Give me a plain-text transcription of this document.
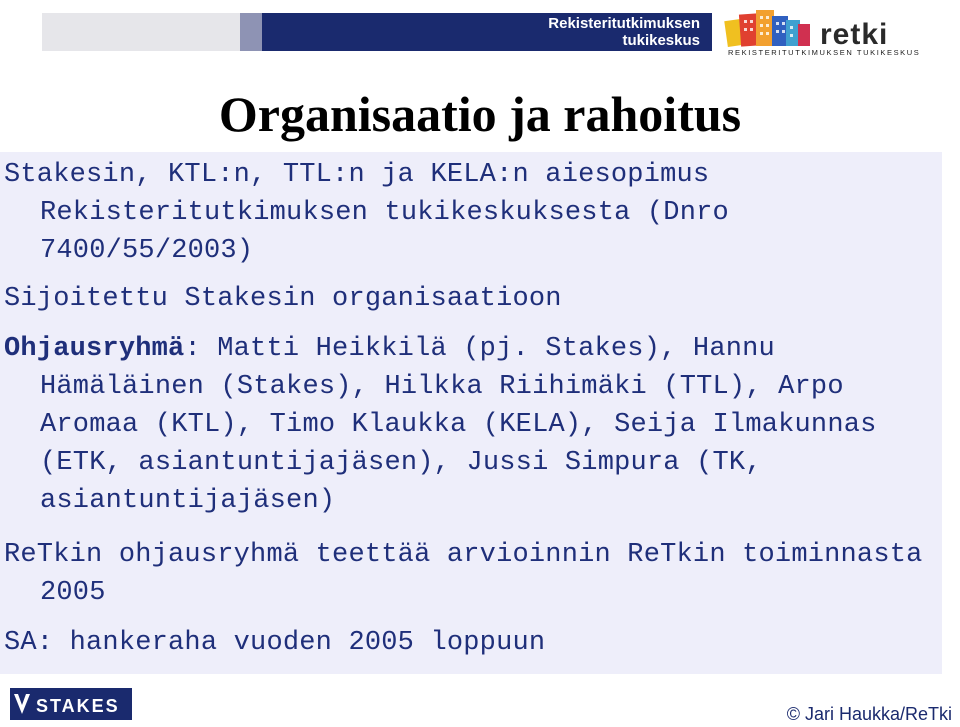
Rekisteritutkimuksen
tukikeskus	retki
REKISTERITUTKIMUKSEN TUKIKESKUS
Organisaatio ja rahoitus
Stakesin, KTL:n, TTL:n ja KELA:n aiesopimus
Rekisteritutkimuksen tukikeskuksesta (Dnro
7400/55/2003)
Sijoitettu Stakesin organisaatioon
Ohjausryhmä: Matti Heikkilä (pj. Stakes), Hannu
Hämäläinen (Stakes), Hilkka Riihimäki (TTL), Arpo
Aromaa (KTL), Timo Klaukka (KELA), Seija Ilmakunnas
(ETK, asiantuntijajäsen), Jussi Simpura (TK,
asiantuntijajäsen)
ReTkin ohjausryhmä teettää arvioinnin ReTkin toiminnasta
2005
SA: hankeraha vuoden 2005 loppuun
STAKES	© Jari Haukka/ReTki
